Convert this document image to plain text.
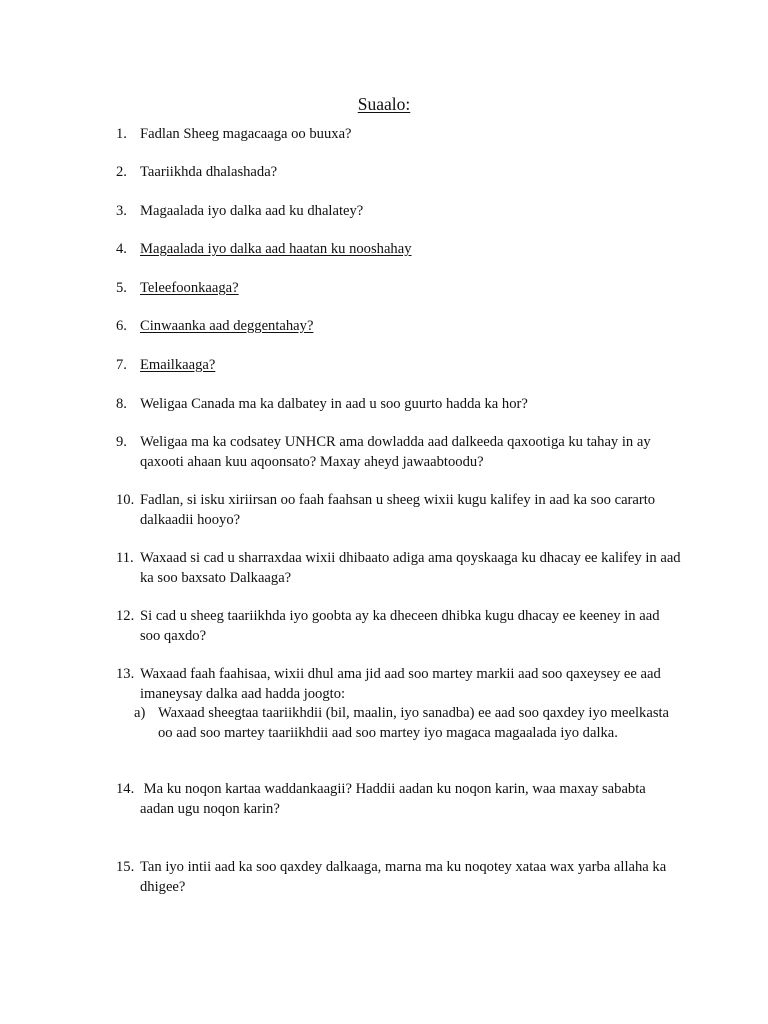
Suaalo:
1. Fadlan Sheeg magacaaga oo buuxa?
2. Taariikhda dhalashada?
3. Magaalada iyo dalka aad ku dhalatey?
4. Magaalada iyo dalka aad haatan ku nooshahay
5. Teleefoonkaaga?
6. Cinwaanka aad deggentahay?
7. Emailkaaga?
8. Weligaa Canada ma ka dalbatey in aad u soo guurto hadda ka hor?
9. Weligaa ma ka codsatey UNHCR ama dowladda aad dalkeeda qaxootiga ku tahay in ay qaxooti ahaan kuu aqoonsato? Maxay aheyd jawaabtoodu?
10. Fadlan, si isku xiriirsan oo faah faahsan u sheeg wixii kugu kalifey in aad ka soo cararto dalkaadii hooyo?
11. Waxaad si cad u sharraxdaa wixii dhibaato adiga ama qoyskaaga ku dhacay ee kalifey in aad ka soo baxsato Dalkaaga?
12. Si cad u sheeg taariikhda iyo goobta ay ka dheceen dhibka kugu dhacay ee keeney in aad soo qaxdo?
13. Waxaad faah faahisaa, wixii dhul ama jid aad soo martey markii aad soo qaxeysey ee aad imaneysay dalka aad hadda joogto:
a) Waxaad sheegtaa taariikhdii (bil, maalin, iyo sanadba) ee aad soo qaxdey iyo meelkasta oo aad soo martey taariikhdii aad soo martey iyo magaca magaalada iyo dalka.
14. Ma ku noqon kartaa waddankaagii? Haddii aadan ku noqon karin, waa maxay sababta aadan ugu noqon karin?
15. Tan iyo intii aad ka soo qaxdey dalkaaga, marna ma ku noqotey xataa wax yarba allaha ka dhigee?
